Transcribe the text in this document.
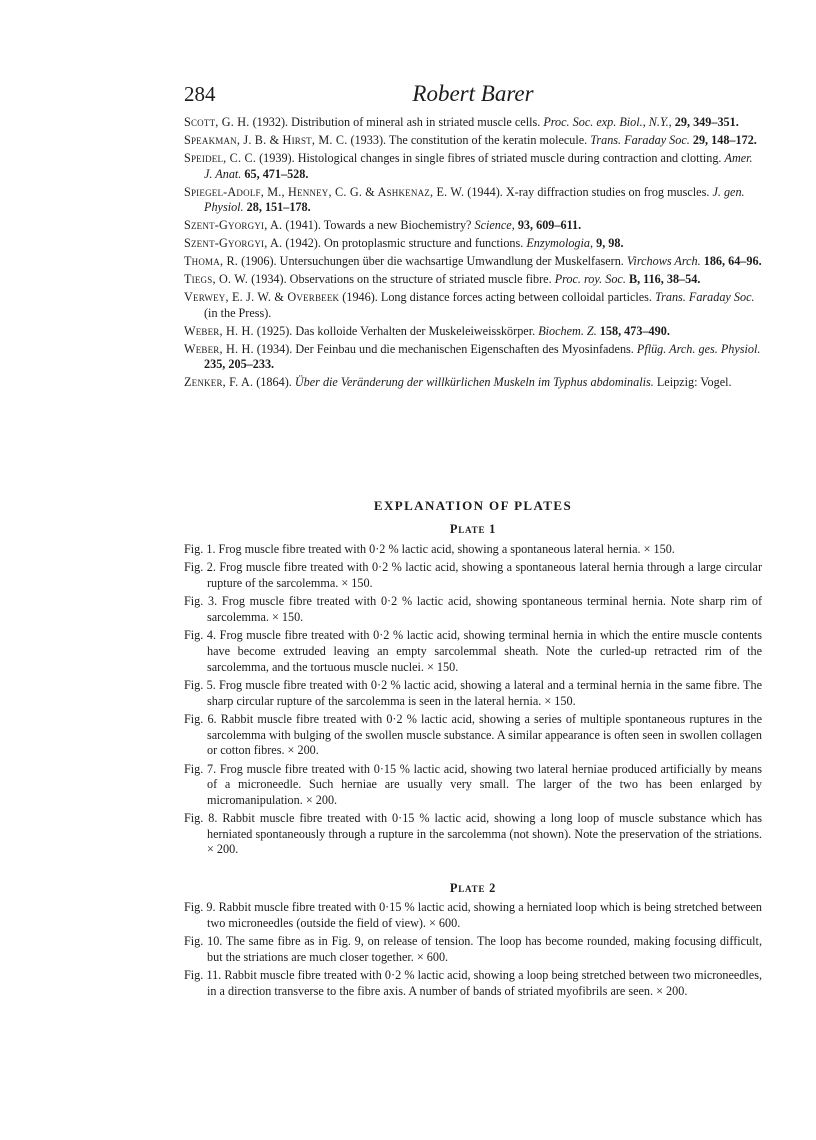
284	Robert Barer
Scott, G. H. (1932). Distribution of mineral ash in striated muscle cells. Proc. Soc. exp. Biol., N.Y., 29, 349–351.
Speakman, J. B. & Hirst, M. C. (1933). The constitution of the keratin molecule. Trans. Faraday Soc. 29, 148–172.
Speidel, C. C. (1939). Histological changes in single fibres of striated muscle during contraction and clotting. Amer. J. Anat. 65, 471–528.
Spiegel-Adolf, M., Henney, C. G. & Ashkenaz, E. W. (1944). X-ray diffraction studies on frog muscles. J. gen. Physiol. 28, 151–178.
Szent-Gyorgyi, A. (1941). Towards a new Biochemistry? Science, 93, 609–611.
Szent-Gyorgyi, A. (1942). On protoplasmic structure and functions. Enzymologia, 9, 98.
Thoma, R. (1906). Untersuchungen über die wachsartige Umwandlung der Muskelfasern. Virchows Arch. 186, 64–96.
Tiegs, O. W. (1934). Observations on the structure of striated muscle fibre. Proc. roy. Soc. B, 116, 38–54.
Verwey, E. J. W. & Overbeek (1946). Long distance forces acting between colloidal particles. Trans. Faraday Soc. (in the Press).
Weber, H. H. (1925). Das kolloide Verhalten der Muskeleiweisskörper. Biochem. Z. 158, 473–490.
Weber, H. H. (1934). Der Feinbau und die mechanischen Eigenschaften des Myosinfadens. Pflüg. Arch. ges. Physiol. 235, 205–233.
Zenker, F. A. (1864). Über die Veränderung der willkürlichen Muskeln im Typhus abdominalis. Leipzig: Vogel.
EXPLANATION OF PLATES
Plate 1
Fig. 1. Frog muscle fibre treated with 0·2 % lactic acid, showing a spontaneous lateral hernia. × 150.
Fig. 2. Frog muscle fibre treated with 0·2 % lactic acid, showing a spontaneous lateral hernia through a large circular rupture of the sarcolemma. × 150.
Fig. 3. Frog muscle fibre treated with 0·2 % lactic acid, showing spontaneous terminal hernia. Note sharp rim of sarcolemma. × 150.
Fig. 4. Frog muscle fibre treated with 0·2 % lactic acid, showing terminal hernia in which the entire muscle contents have become extruded leaving an empty sarcolemmal sheath. Note the curled-up retracted rim of the sarcolemma, and the tortuous muscle nuclei. × 150.
Fig. 5. Frog muscle fibre treated with 0·2 % lactic acid, showing a lateral and a terminal hernia in the same fibre. The sharp circular rupture of the sarcolemma is seen in the lateral hernia. × 150.
Fig. 6. Rabbit muscle fibre treated with 0·2 % lactic acid, showing a series of multiple spontaneous ruptures in the sarcolemma with bulging of the swollen muscle substance. A similar appearance is often seen in swollen collagen or cotton fibres. × 200.
Fig. 7. Frog muscle fibre treated with 0·15 % lactic acid, showing two lateral herniae produced artificially by means of a microneedle. Such herniae are usually very small. The larger of the two has been enlarged by micromanipulation. × 200.
Fig. 8. Rabbit muscle fibre treated with 0·15 % lactic acid, showing a long loop of muscle substance which has herniated spontaneously through a rupture in the sarcolemma (not shown). Note the preservation of the striations. × 200.
Plate 2
Fig. 9. Rabbit muscle fibre treated with 0·15 % lactic acid, showing a herniated loop which is being stretched between two microneedles (outside the field of view). × 600.
Fig. 10. The same fibre as in Fig. 9, on release of tension. The loop has become rounded, making focusing difficult, but the striations are much closer together. × 600.
Fig. 11. Rabbit muscle fibre treated with 0·2 % lactic acid, showing a loop being stretched between two microneedles, in a direction transverse to the fibre axis. A number of bands of striated myofibrils are seen. × 200.
